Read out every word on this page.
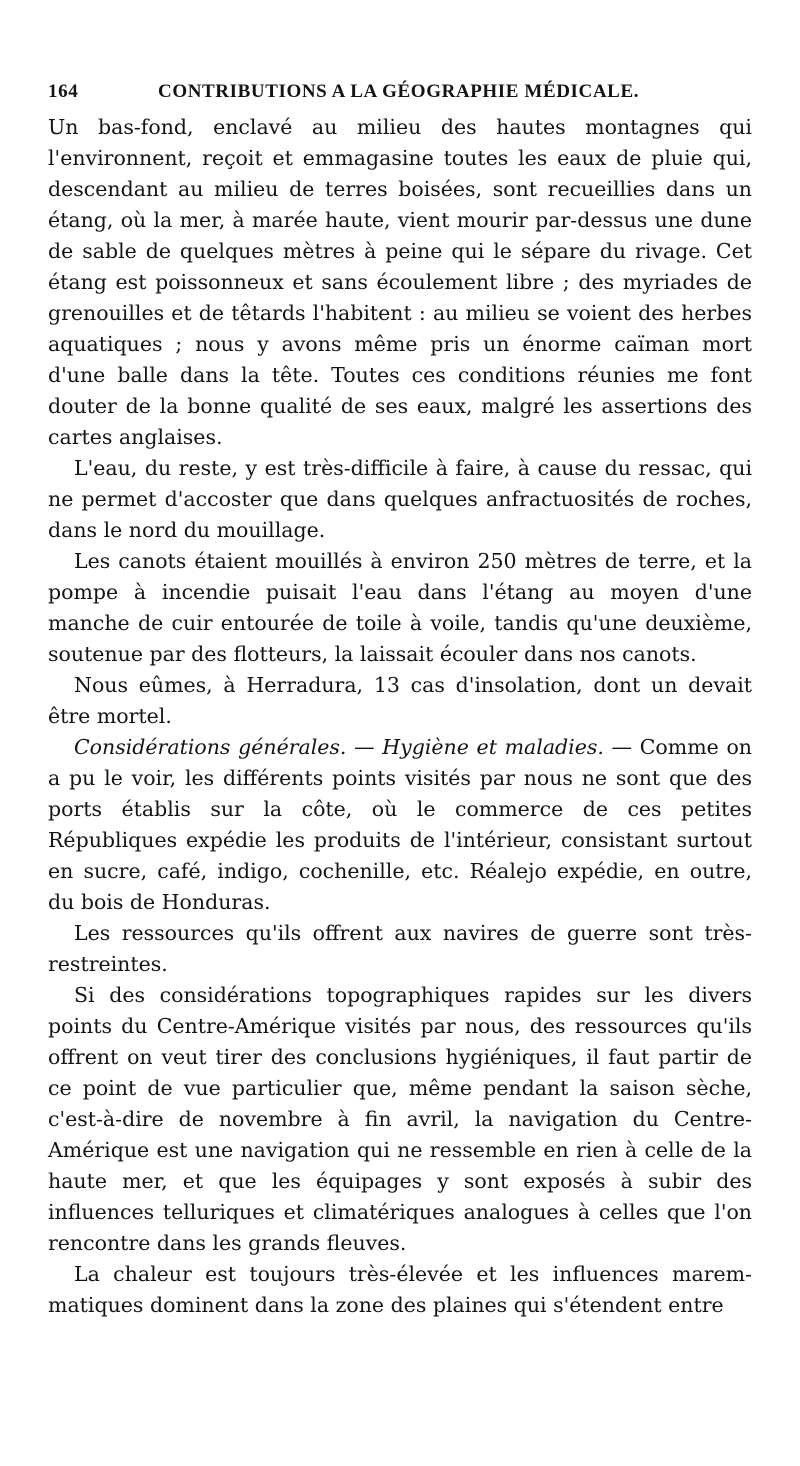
164	CONTRIBUTIONS A LA GÉOGRAPHIE MÉDICALE.

Un bas-fond, enclavé au milieu des hautes montagnes qui l'environnent, reçoit et emmagasine toutes les eaux de pluie qui, descendant au milieu de terres boisées, sont recueillies dans un étang, où la mer, à marée haute, vient mourir par-dessus une dune de sable de quelques mètres à peine qui le sépare du rivage. Cet étang est poissonneux et sans écoulement libre ; des myriades de grenouilles et de têtards l'habitent : au milieu se voient des herbes aquatiques ; nous y avons même pris un énorme caïman mort d'une balle dans la tête. Toutes ces conditions réunies me font douter de la bonne qualité de ses eaux, malgré les assertions des cartes anglaises.

L'eau, du reste, y est très-difficile à faire, à cause du ressac, qui ne permet d'accoster que dans quelques anfractuosités de roches, dans le nord du mouillage.

Les canots étaient mouillés à environ 250 mètres de terre, et la pompe à incendie puisait l'eau dans l'étang au moyen d'une manche de cuir entourée de toile à voile, tandis qu'une deuxième, soutenue par des flotteurs, la laissait écouler dans nos canots.

Nous eûmes, à Herradura, 13 cas d'insolation, dont un devait être mortel.

Considérations générales. — Hygiène et maladies. — Comme on a pu le voir, les différents points visités par nous ne sont que des ports établis sur la côte, où le commerce de ces petites Républiques expédie les produits de l'intérieur, consistant surtout en sucre, café, indigo, cochenille, etc. Réalejo expédie, en outre, du bois de Honduras.

Les ressources qu'ils offrent aux navires de guerre sont très-restreintes.

Si des considérations topographiques rapides sur les divers points du Centre-Amérique visités par nous, des ressources qu'ils offrent on veut tirer des conclusions hygiéniques, il faut partir de ce point de vue particulier que, même pendant la saison sèche, c'est-à-dire de novembre à fin avril, la navigation du Centre-Amérique est une navigation qui ne ressemble en rien à celle de la haute mer, et que les équipages y sont exposés à subir des influences telluriques et climatériques analogues à celles que l'on rencontre dans les grands fleuves.

La chaleur est toujours très-élevée et les influences marem-matiques dominent dans la zone des plaines qui s'étendent entre
